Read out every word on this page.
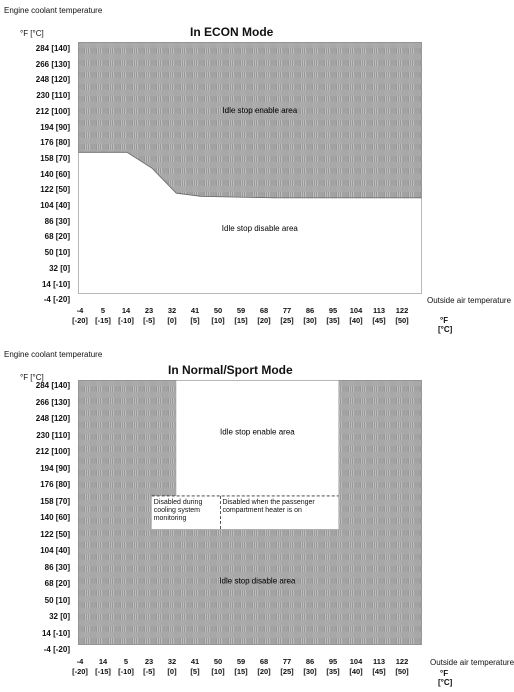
Engine coolant temperature
°F [°C]	In ECON Mode
284 [140]
266 [130]
248 [120]
230 [110]
212 [100]
194 [90]
176 [80]
158 [70]
140 [60]
122 [50]
104 [40]
86 [30]
68 [20]
50 [10]
32 [0]
14 [-10]
-4 [-20]
Idle stop enable area
Idle stop disable area
-4
[-20]
5
[-15]
14
[-10]
23
[-5]
32
[0]
41
[5]
50
[10]
59
[15]
68
[20]
77
[25]
86
[30]
95
[35]
104
[40]
113
[45]
122
[50]
Outside air temperature
°F
[°C]
Engine coolant temperature
°F [°C]
In Normal/Sport Mode
284 [140]
266 [130]
248 [120]
230 [110]
212 [100]
194 [90]
176 [80]
158 [70]
140 [60]
122 [50]
104 [40]
86 [30]
68 [20]
50 [10]
32 [0]
14 [-10]
-4 [-20]
Idle stop enable area
Idle stop disable area
Disabled during cooling system monitoring
Disabled when the passenger compartment heater is on
-4
[-20]
14
[-15]
5
[-10]
23
[-5]
32
[0]
41
[5]
50
[10]
59
[15]
68
[20]
77
[25]
86
[30]
95
[35]
104
[40]
113
[45]
122
[50]
Outside air temperature
°F
[°C]
